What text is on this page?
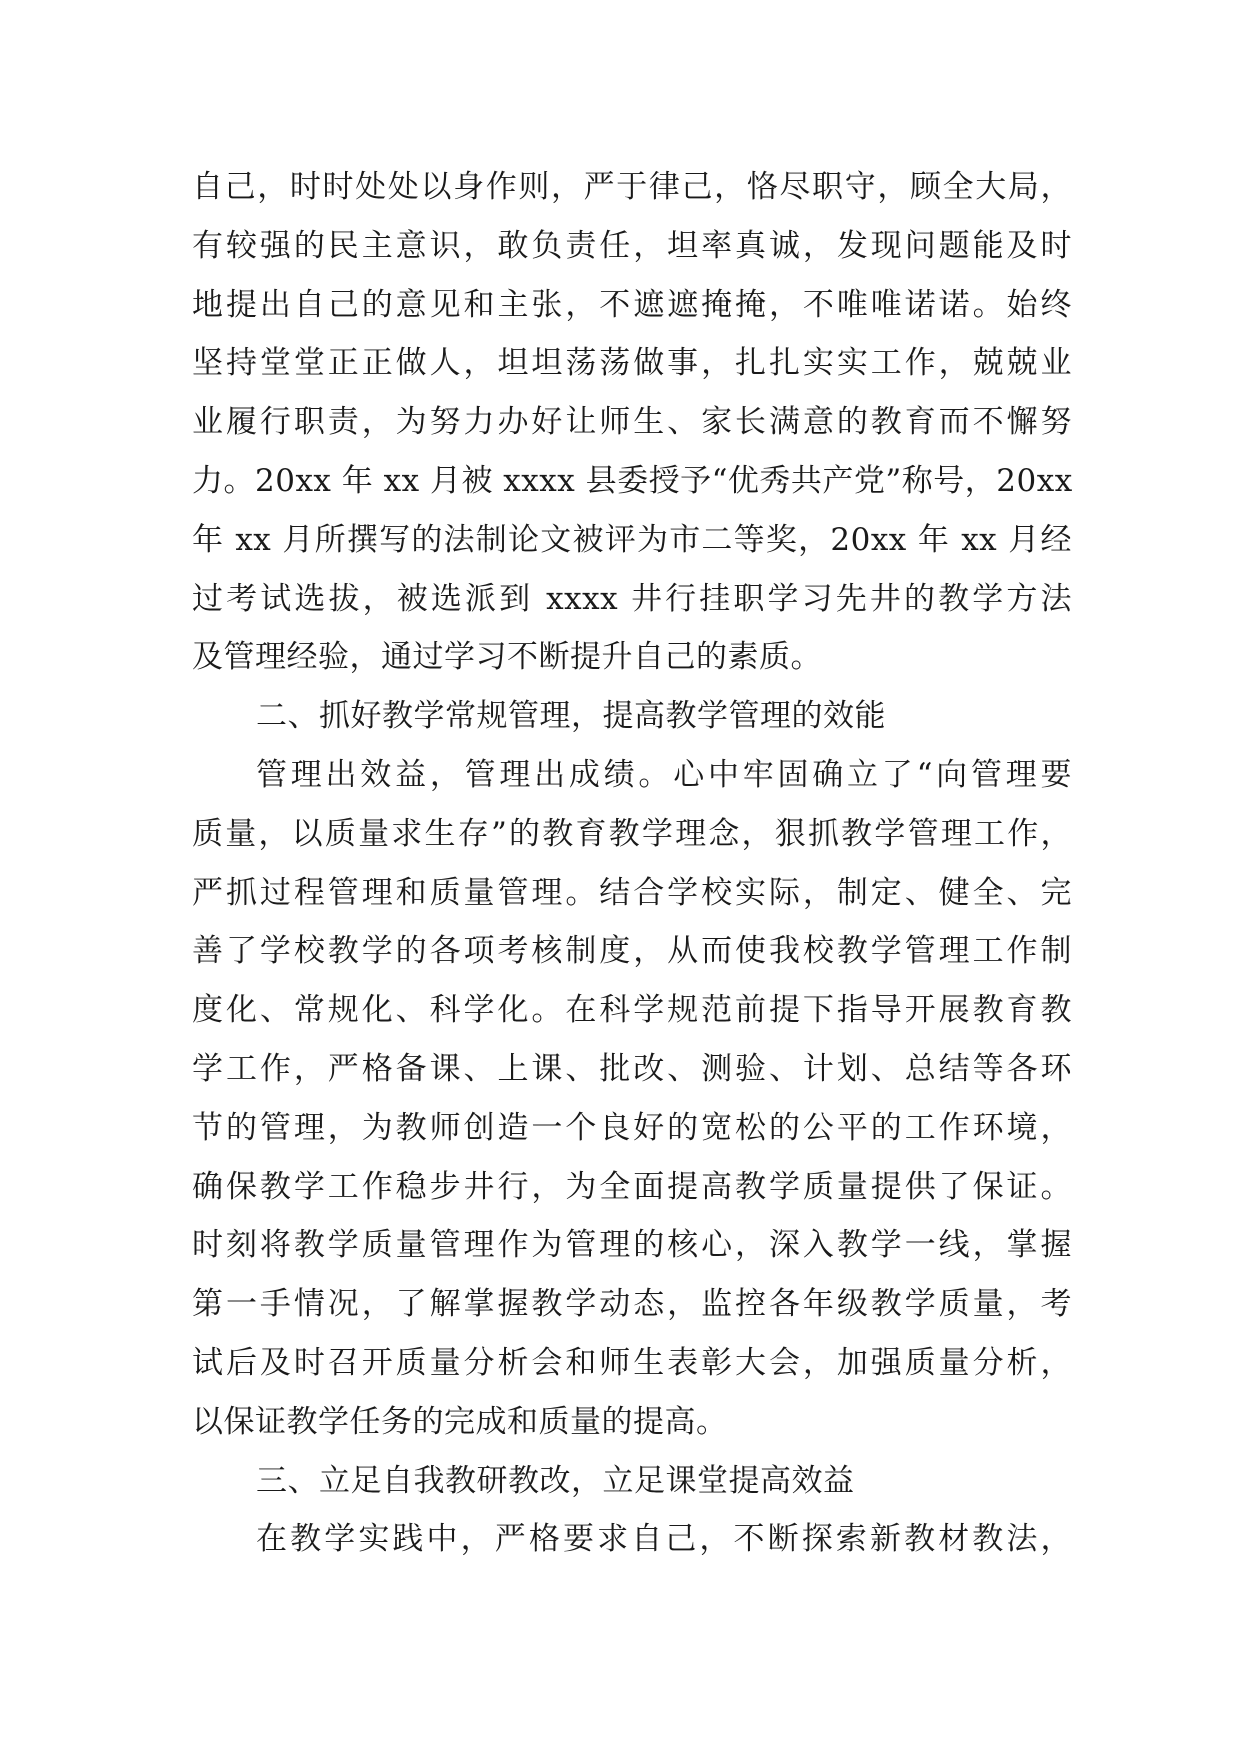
自己，时时处处以身作则，严于律己，恪尽职守，顾全大局，
有较强的民主意识，敢负责任，坦率真诚，发现问题能及时
地提出自己的意见和主张，不遮遮掩掩，不唯唯诺诺。始终
坚持堂堂正正做人，坦坦荡荡做事，扎扎实实工作，兢兢业
业履行职责，为努力办好让师生、家长满意的教育而不懈努
力。20xx 年 xx 月被 xxxx 县委授予“优秀共产党”称号，20xx
年 xx 月所撰写的法制论文被评为市二等奖，20xx 年 xx 月经
过考试选拔，被选派到 xxxx 井行挂职学习先井的教学方法
及管理经验，通过学习不断提升自己的素质。
二、抓好教学常规管理，提高教学管理的效能
管理出效益，管理出成绩。心中牢固确立了“向管理要
质量，以质量求生存”的教育教学理念，狠抓教学管理工作，
严抓过程管理和质量管理。结合学校实际，制定、健全、完
善了学校教学的各项考核制度，从而使我校教学管理工作制
度化、常规化、科学化。在科学规范前提下指导开展教育教
学工作，严格备课、上课、批改、测验、计划、总结等各环
节的管理，为教师创造一个良好的宽松的公平的工作环境，
确保教学工作稳步井行，为全面提高教学质量提供了保证。
时刻将教学质量管理作为管理的核心，深入教学一线，掌握
第一手情况，了解掌握教学动态，监控各年级教学质量，考
试后及时召开质量分析会和师生表彰大会，加强质量分析，
以保证教学任务的完成和质量的提高。
三、立足自我教研教改，立足课堂提高效益
在教学实践中，严格要求自己，不断探索新教材教法，
